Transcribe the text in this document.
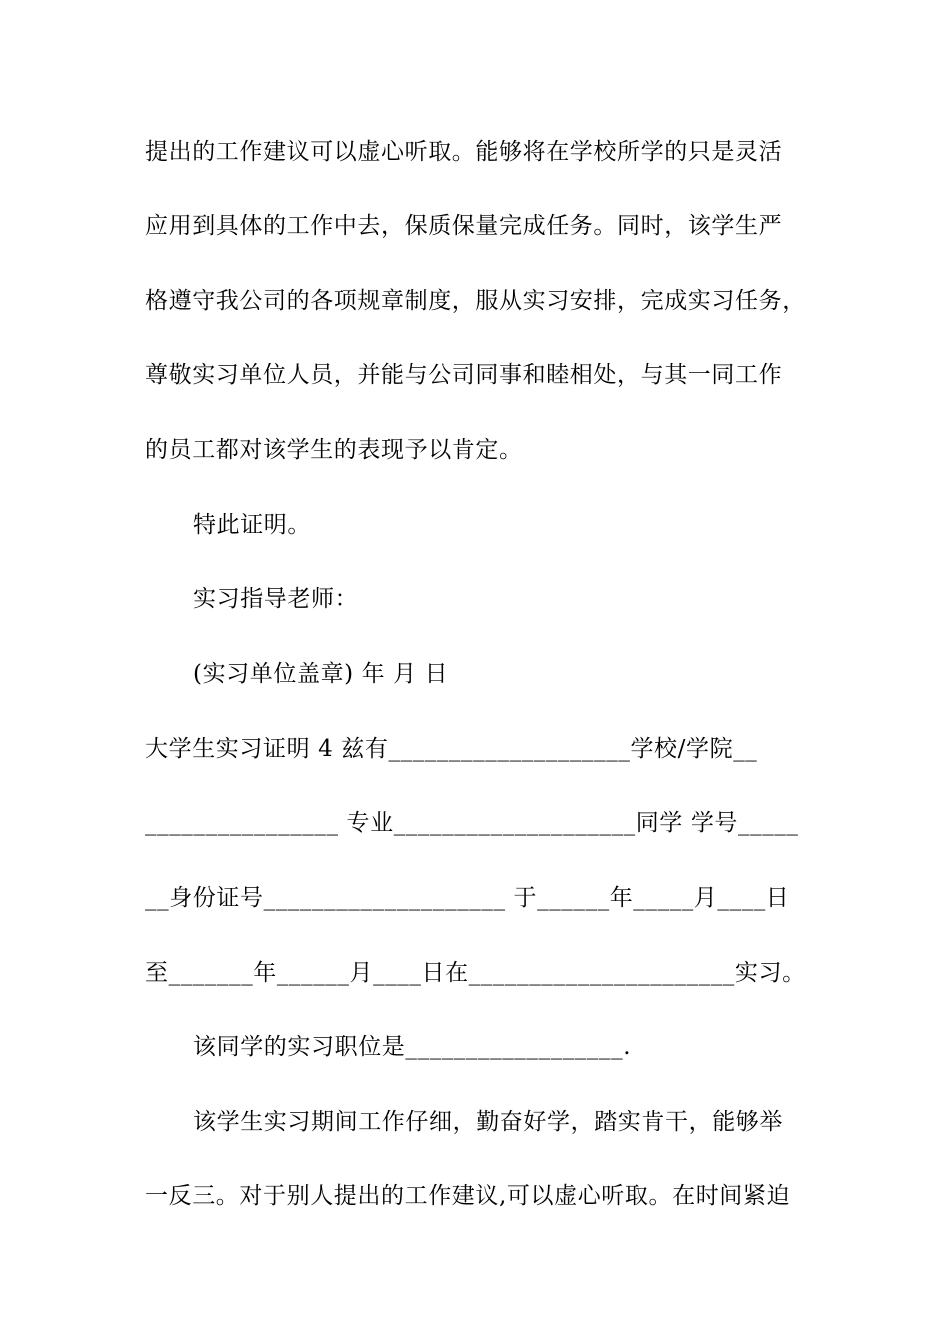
提出的工作建议可以虚心听取。能够将在学校所学的只是灵活
应用到具体的工作中去，保质保量完成任务。同时，该学生严
格遵守我公司的各项规章制度，服从实习安排，完成实习任务，
尊敬实习单位人员，并能与公司同事和睦相处，与其一同工作
的员工都对该学生的表现予以肯定。
特此证明。
实习指导老师：
(实习单位盖章) 年 月 日
大学生实习证明 4 兹有____________________学校/学院__
________________ 专业____________________同学 学号_____
__身份证号____________________ 于______年_____月____日
至_______年______月____日在______________________实习。
该同学的实习职位是__________________.
该学生实习期间工作仔细，勤奋好学，踏实肯干，能够举
一反三。对于别人提出的工作建议,可以虚心听取。在时间紧迫
